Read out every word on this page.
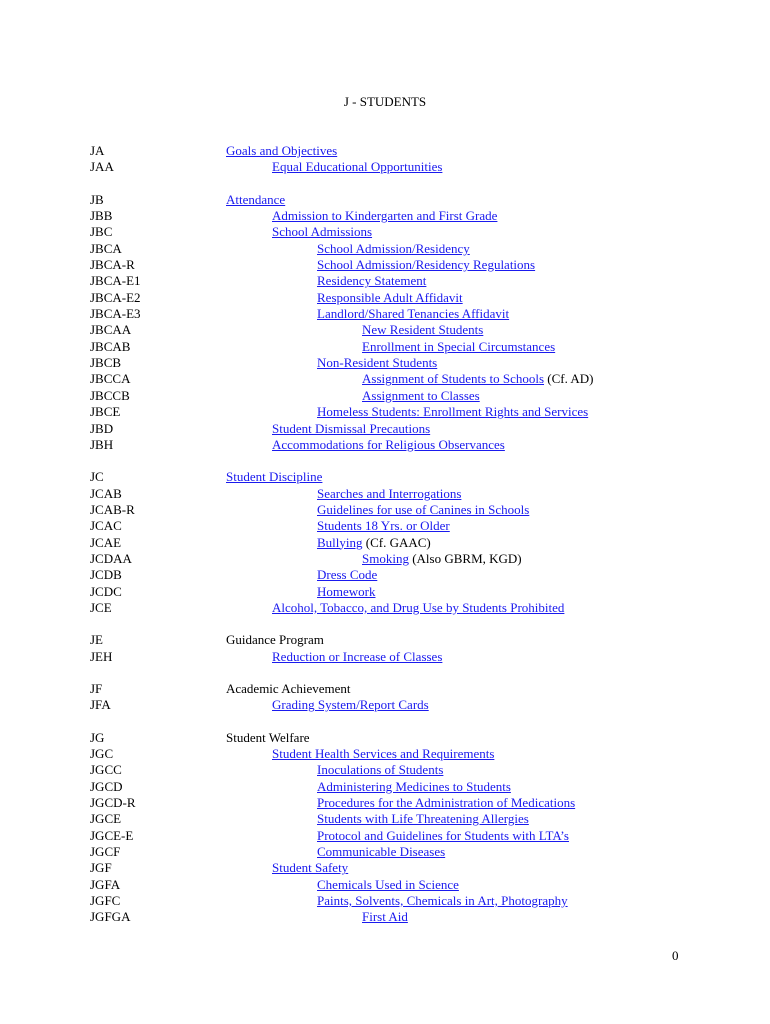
J - STUDENTS
JA	Goals and Objectives
JAA	Equal Educational Opportunities
JB	Attendance
JBB	Admission to Kindergarten and First Grade
JBC	School Admissions
JBCA	School Admission/Residency
JBCA-R	School Admission/Residency Regulations
JBCA-E1	Residency Statement
JBCA-E2	Responsible Adult Affidavit
JBCA-E3	Landlord/Shared Tenancies Affidavit
JBCAA	New Resident Students
JBCAB	Enrollment in Special Circumstances
JBCB	Non-Resident Students
JBCCA	Assignment of Students to Schools (Cf. AD)
JBCCB	Assignment to Classes
JBCE	Homeless Students: Enrollment Rights and Services
JBD	Student Dismissal Precautions
JBH	Accommodations for Religious Observances
JC	Student Discipline
JCAB	Searches and Interrogations
JCAB-R	Guidelines for use of Canines in Schools
JCAC	Students 18 Yrs. or Older
JCAE	Bullying (Cf. GAAC)
JCDAA	Smoking (Also GBRM, KGD)
JCDB	Dress Code
JCDC	Homework
JCE	Alcohol, Tobacco, and Drug Use by Students Prohibited
JE	Guidance Program
JEH	Reduction or Increase of Classes
JF	Academic Achievement
JFA	Grading System/Report Cards
JG	Student Welfare
JGC	Student Health Services and Requirements
JGCC	Inoculations of Students
JGCD	Administering Medicines to Students
JGCD-R	Procedures for the Administration of Medications
JGCE	Students with Life Threatening Allergies
JGCE-E	Protocol and Guidelines for Students with LTA’s
JGCF	Communicable Diseases
JGF	Student Safety
JGFA	Chemicals Used in Science
JGFC	Paints, Solvents, Chemicals in Art, Photography
JGFGA	First Aid
0
